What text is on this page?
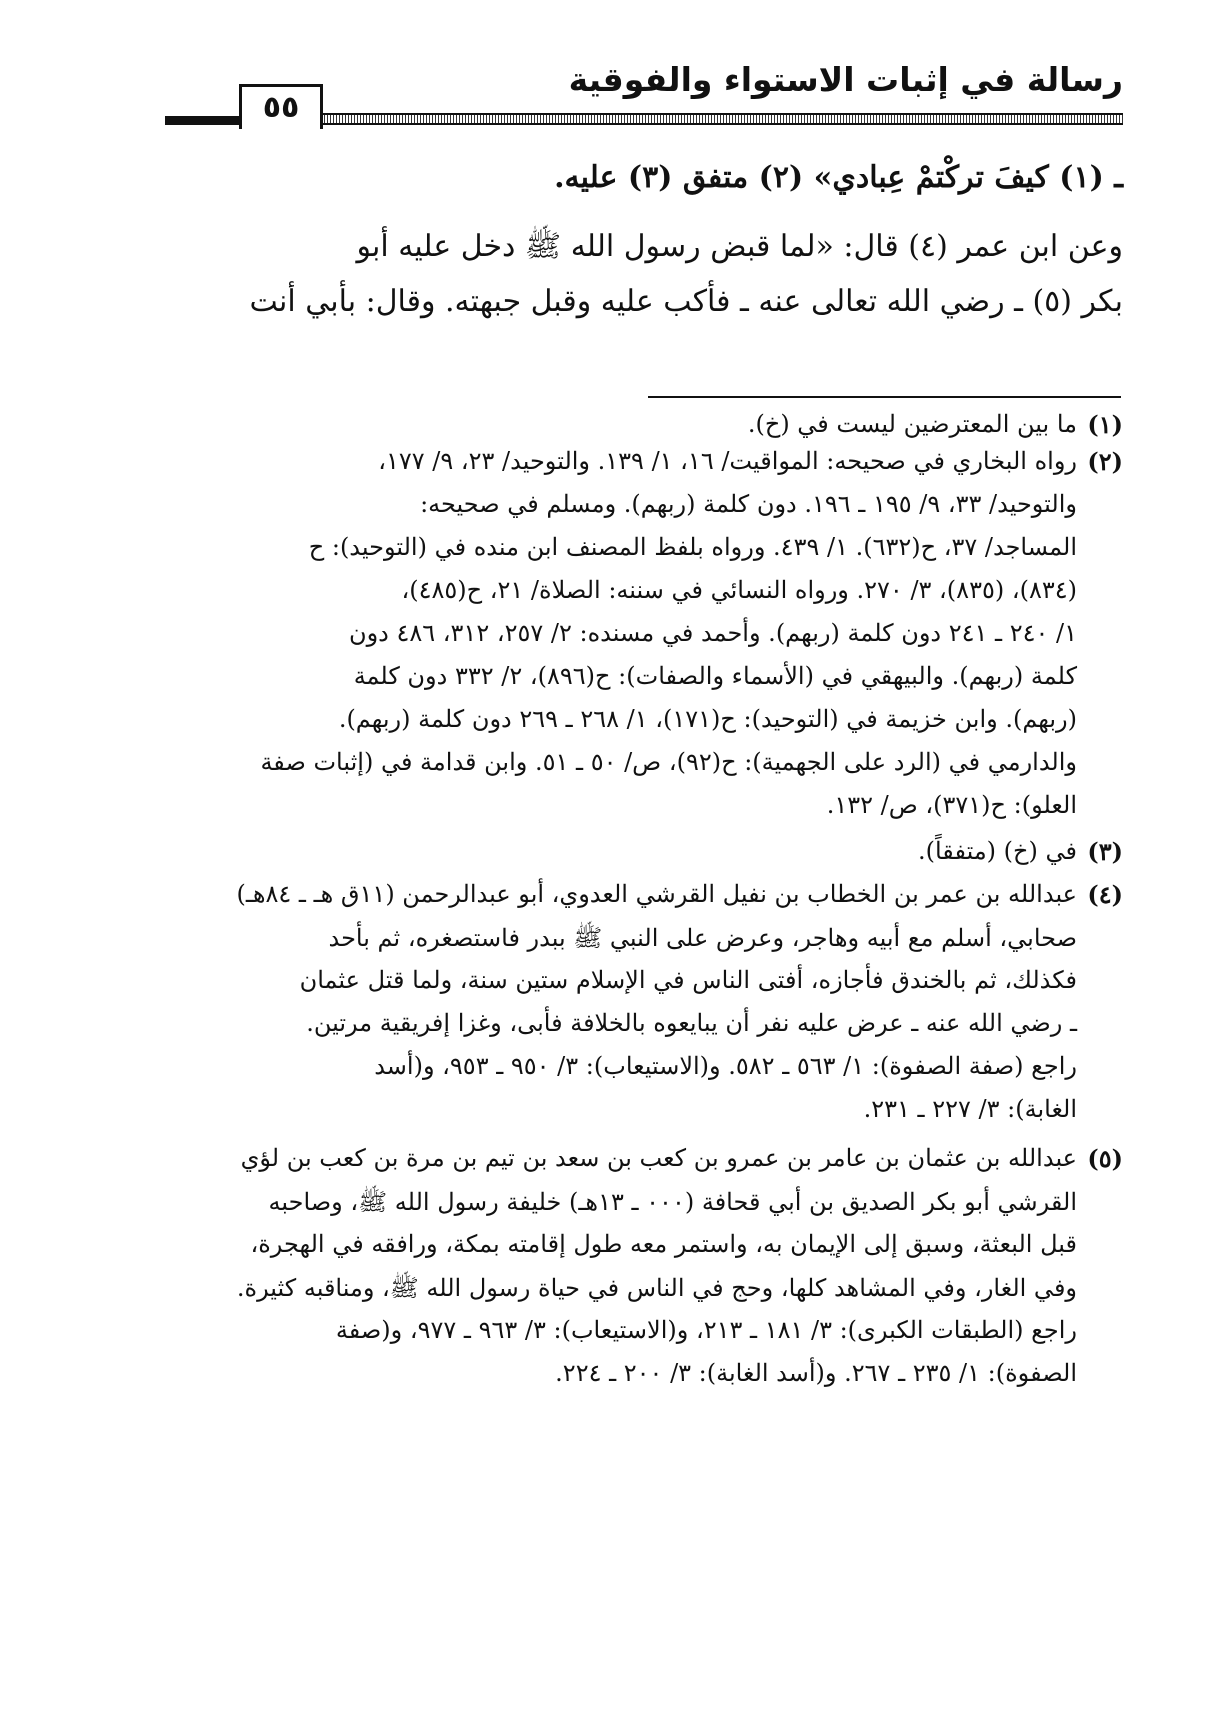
رسالة في إثبات الاستواء والفوقية
٥٥
ـ (١) كيفَ تركْتمْ عِبادي» (٢) متفق (٣) عليه.
وعن ابن عمر (٤) قال: «لما قبض رسول الله ﷺ دخل عليه أبو
بكر (٥) ـ رضي الله تعالى عنه ـ فأكب عليه وقبل جبهته. وقال: بأبي أنت
(١)
ما بين المعترضين ليست في (خ).
(٢)
رواه البخاري في صحيحه: المواقيت/ ١٦، ١/ ١٣٩. والتوحيد/ ٢٣، ٩/ ١٧٧،
والتوحيد/ ٣٣، ٩/ ١٩٥ ـ ١٩٦. دون كلمة (ربهم). ومسلم في صحيحه:
المساجد/ ٣٧، ح(٦٣٢). ١/ ٤٣٩. ورواه بلفظ المصنف ابن منده في (التوحيد): ح
(٨٣٤)، (٨٣٥)، ٣/ ٢٧٠. ورواه النسائي في سننه: الصلاة/ ٢١، ح(٤٨٥)،
١/ ٢٤٠ ـ ٢٤١ دون كلمة (ربهم). وأحمد في مسنده: ٢/ ٢٥٧، ٣١٢، ٤٨٦ دون
كلمة (ربهم). والبيهقي في (الأسماء والصفات): ح(٨٩٦)، ٢/ ٣٣٢ دون كلمة
(ربهم). وابن خزيمة في (التوحيد): ح(١٧١)، ١/ ٢٦٨ ـ ٢٦٩ دون كلمة (ربهم).
والدارمي في (الرد على الجهمية): ح(٩٢)، ص/ ٥٠ ـ ٥١. وابن قدامة في (إثبات صفة
العلو): ح(٣٧١)، ص/ ١٣٢.
(٣)
في (خ) (متفقاً).
(٤)
عبدالله بن عمر بن الخطاب بن نفيل القرشي العدوي، أبو عبدالرحمن (١١ق هـ ـ ٨٤هـ)
صحابي، أسلم مع أبيه وهاجر، وعرض على النبي ﷺ ببدر فاستصغره، ثم بأحد
فكذلك، ثم بالخندق فأجازه، أفتى الناس في الإسلام ستين سنة، ولما قتل عثمان
ـ رضي الله عنه ـ عرض عليه نفر أن يبايعوه بالخلافة فأبى، وغزا إفريقية مرتين.
راجع (صفة الصفوة): ١/ ٥٦٣ ـ ٥٨٢. و(الاستيعاب): ٣/ ٩٥٠ ـ ٩٥٣، و(أسد
الغابة): ٣/ ٢٢٧ ـ ٢٣١.
(٥)
عبدالله بن عثمان بن عامر بن عمرو بن كعب بن سعد بن تيم بن مرة بن كعب بن لؤي
القرشي أبو بكر الصديق بن أبي قحافة (٠٠٠ ـ ١٣هـ) خليفة رسول الله ﷺ، وصاحبه
قبل البعثة، وسبق إلى الإيمان به، واستمر معه طول إقامته بمكة، ورافقه في الهجرة،
وفي الغار، وفي المشاهد كلها، وحج في الناس في حياة رسول الله ﷺ، ومناقبه كثيرة.
راجع (الطبقات الكبرى): ٣/ ١٨١ ـ ٢١٣، و(الاستيعاب): ٣/ ٩٦٣ ـ ٩٧٧، و(صفة
الصفوة): ١/ ٢٣٥ ـ ٢٦٧. و(أسد الغابة): ٣/ ٢٠٠ ـ ٢٢٤.
